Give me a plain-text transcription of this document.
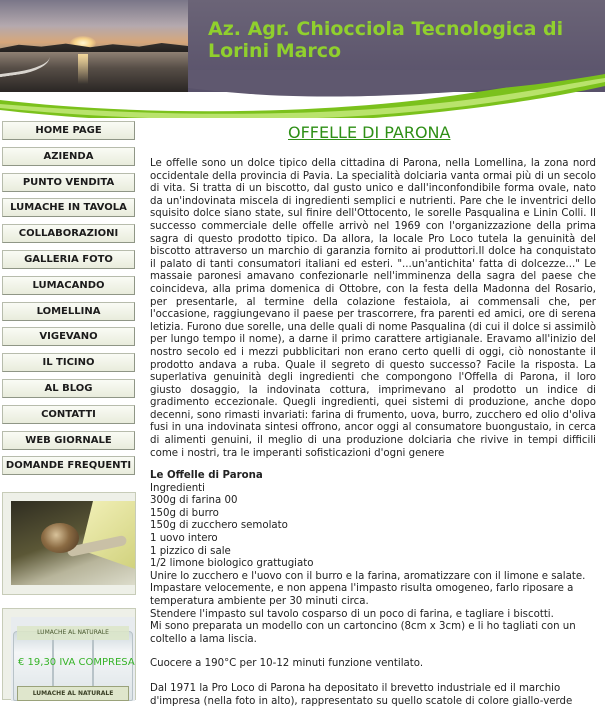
Az. Agr. Chiocciola Tecnologica di Lorini Marco
HOME PAGE
AZIENDA
PUNTO VENDITA
LUMACHE IN TAVOLA
COLLABORAZIONI
GALLERIA FOTO
LUMACANDO
LOMELLINA
VIGEVANO
IL TICINO
AL BLOG
CONTATTI
WEB GIORNALE
DOMANDE FREQUENTI
LUMACHE AL NATURALE
€ 19,30 IVA COMPRESA
LUMACHE AL NATURALE
OFFELLE DI PARONA

Le offelle sono un dolce tipico della cittadina di Parona, nella Lomellina, la zona nord occidentale della provincia di Pavia. La specialità dolciaria vanta ormai più di un secolo di vita. Si tratta di un biscotto, dal gusto unico e dall'inconfondibile forma ovale, nato da un'indovinata miscela di ingredienti semplici e nutrienti. Pare che le inventrici dello squisito dolce siano state, sul finire dell'Ottocento, le sorelle Pasqualina e Linin Colli. Il successo commerciale delle offelle arrivò nel 1969 con l'organizzazione della prima sagra di questo prodotto tipico. Da allora, la locale Pro Loco tutela la genuinità del biscotto attraverso un marchio di garanzia fornito ai produttori.Il dolce ha conquistato il palato di tanti consumatori italiani ed esteri. "...un'antichita' fatta di dolcezze..." Le massaie paronesi amavano confezionarle nell'imminenza della sagra del paese che coincideva, alla prima domenica di Ottobre, con la festa della Madonna del Rosario, per presentarle, al termine della colazione festaiola, ai commensali che, per l'occasione, raggiungevano il paese per trascorrere, fra parenti ed amici, ore di serena letizia. Furono due sorelle, una delle quali di nome Pasqualina (di cui il dolce si assimilò per lungo tempo il nome), a darne il primo carattere artigianale. Eravamo all'inizio del nostro secolo ed i mezzi pubblicitari non erano certo quelli di oggi, ciò nonostante il prodotto andava a ruba. Quale il segreto di questo successo? Facile la risposta. La superlativa genuinità degli ingredienti che compongono l'Offella di Parona, il loro giusto dosaggio, la indovinata cottura, imprimevano al prodotto un indice di gradimento eccezionale. Quegli ingredienti, quei sistemi di produzione, anche dopo decenni, sono rimasti invariati: farina di frumento, uova, burro, zucchero ed olio d'oliva fusi in una indovinata sintesi offrono, ancor oggi al consumatore buongustaio, in cerca di alimenti genuini, il meglio di una produzione dolciaria che rivive in tempi difficili come i nostri, tra le imperanti sofisticazioni d'ogni genere

Le Offelle di Parona

Ingredienti
300g di farina 00
150g di burro
150g di zucchero semolato
1 uovo intero
1 pizzico di sale
1/2 limone biologico grattugiato
Unire lo zucchero e l'uovo con il burro e la farina, aromatizzare con il limone e salate.
Impastare velocemente, e non appena l'impasto risulta omogeneo, farlo riposare a
temperatura ambiente per 30 minuti circa.
Stendere l'impasto sul tavolo cosparso di un poco di farina, e tagliare i biscotti.
Mi sono preparata un modello con un cartoncino (8cm x 3cm) e li ho tagliati con un
coltello a lama liscia.
Cuocere a 190°C per 10-12 minuti funzione ventilato.
Dal 1971 la Pro Loco di Parona ha depositato il brevetto industriale ed il marchio
d'impresa (nella foto in alto), rappresentato su quello scatole di colore giallo-verde
